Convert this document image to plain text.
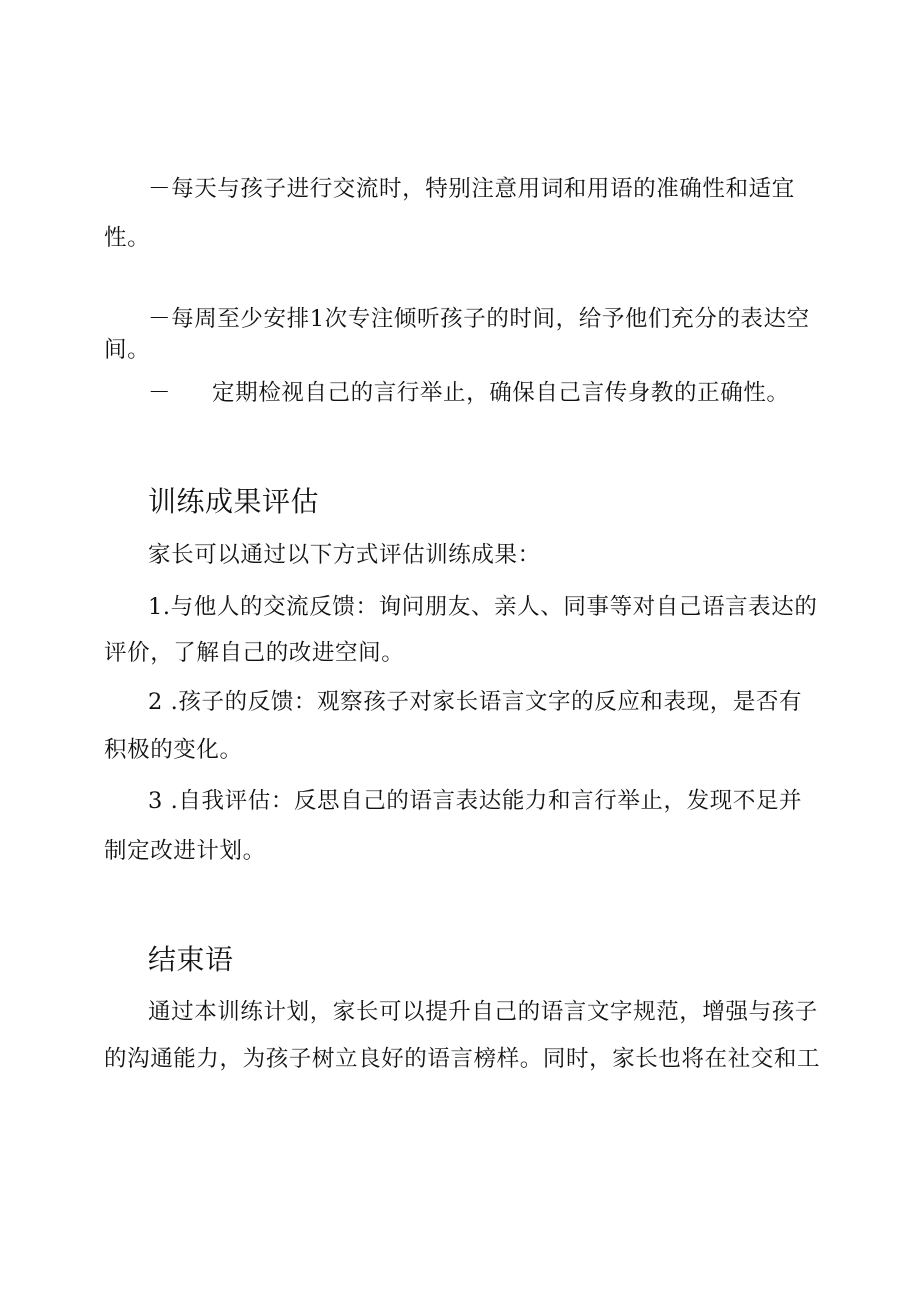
－每天与孩子进行交流时，特别注意用词和用语的准确性和适宜
性。
－每周至少安排1次专注倾听孩子的时间，给予他们充分的表达空
间。
－ 定期检视自己的言行举止，确保自己言传身教的正确性。
训练成果评估
家长可以通过以下方式评估训练成果：
1.与他人的交流反馈：询问朋友、亲人、同事等对自己语言表达的
评价，了解自己的改进空间。
2 .孩子的反馈：观察孩子对家长语言文字的反应和表现，是否有
积极的变化。
3 .自我评估：反思自己的语言表达能力和言行举止，发现不足并
制定改进计划。
结束语
通过本训练计划，家长可以提升自己的语言文字规范，增强与孩子
的沟通能力，为孩子树立良好的语言榜样。同时，家长也将在社交和工
